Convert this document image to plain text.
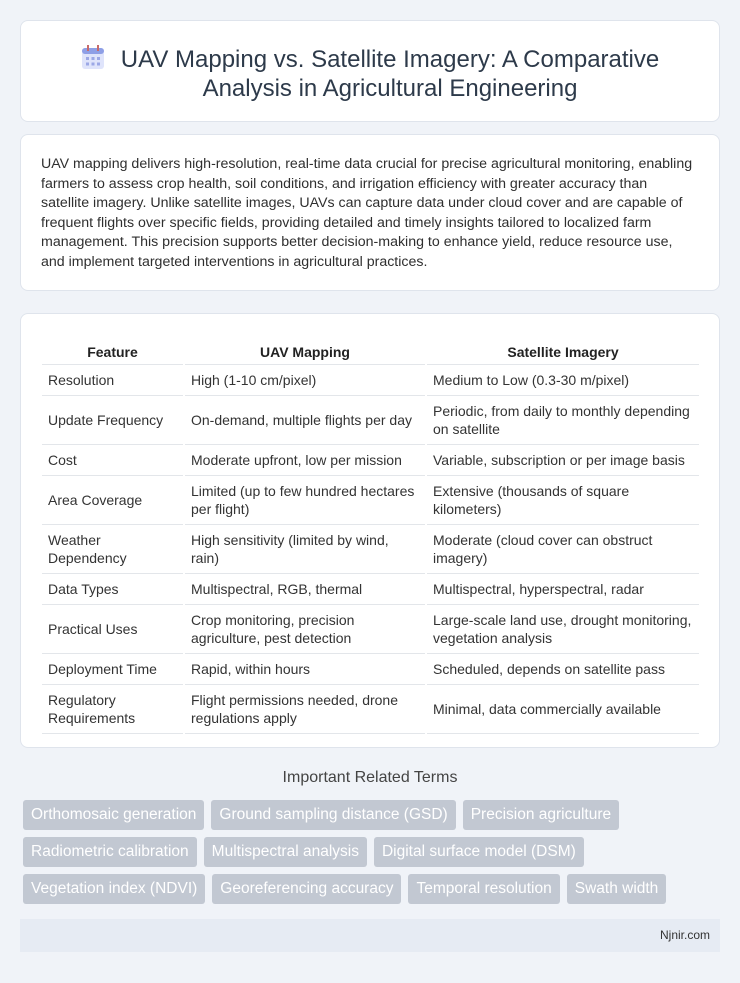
UAV Mapping vs. Satellite Imagery: A Comparative Analysis in Agricultural Engineering

UAV mapping delivers high-resolution, real-time data crucial for precise agricultural monitoring, enabling farmers to assess crop health, soil conditions, and irrigation efficiency with greater accuracy than satellite imagery. Unlike satellite images, UAVs can capture data under cloud cover and are capable of frequent flights over specific fields, providing detailed and timely insights tailored to localized farm management. This precision supports better decision-making to enhance yield, reduce resource use, and implement targeted interventions in agricultural practices.

Feature	UAV Mapping	Satellite Imagery
Resolution	High (1-10 cm/pixel)	Medium to Low (0.3-30 m/pixel)
Update Frequency	On-demand, multiple flights per day	Periodic, from daily to monthly depending on satellite
Cost	Moderate upfront, low per mission	Variable, subscription or per image basis
Area Coverage	Limited (up to few hundred hectares per flight)	Extensive (thousands of square kilometers)
Weather Dependency	High sensitivity (limited by wind, rain)	Moderate (cloud cover can obstruct imagery)
Data Types	Multispectral, RGB, thermal	Multispectral, hyperspectral, radar
Practical Uses	Crop monitoring, precision agriculture, pest detection	Large-scale land use, drought monitoring, vegetation analysis
Deployment Time	Rapid, within hours	Scheduled, depends on satellite pass
Regulatory Requirements	Flight permissions needed, drone regulations apply	Minimal, data commercially available
Important Related Terms
Orthomosaic generation	Ground sampling distance (GSD)	Precision agriculture
Radiometric calibration	Multispectral analysis	Digital surface model (DSM)
Vegetation index (NDVI)	Georeferencing accuracy	Temporal resolution	Swath width
Njnir.com
